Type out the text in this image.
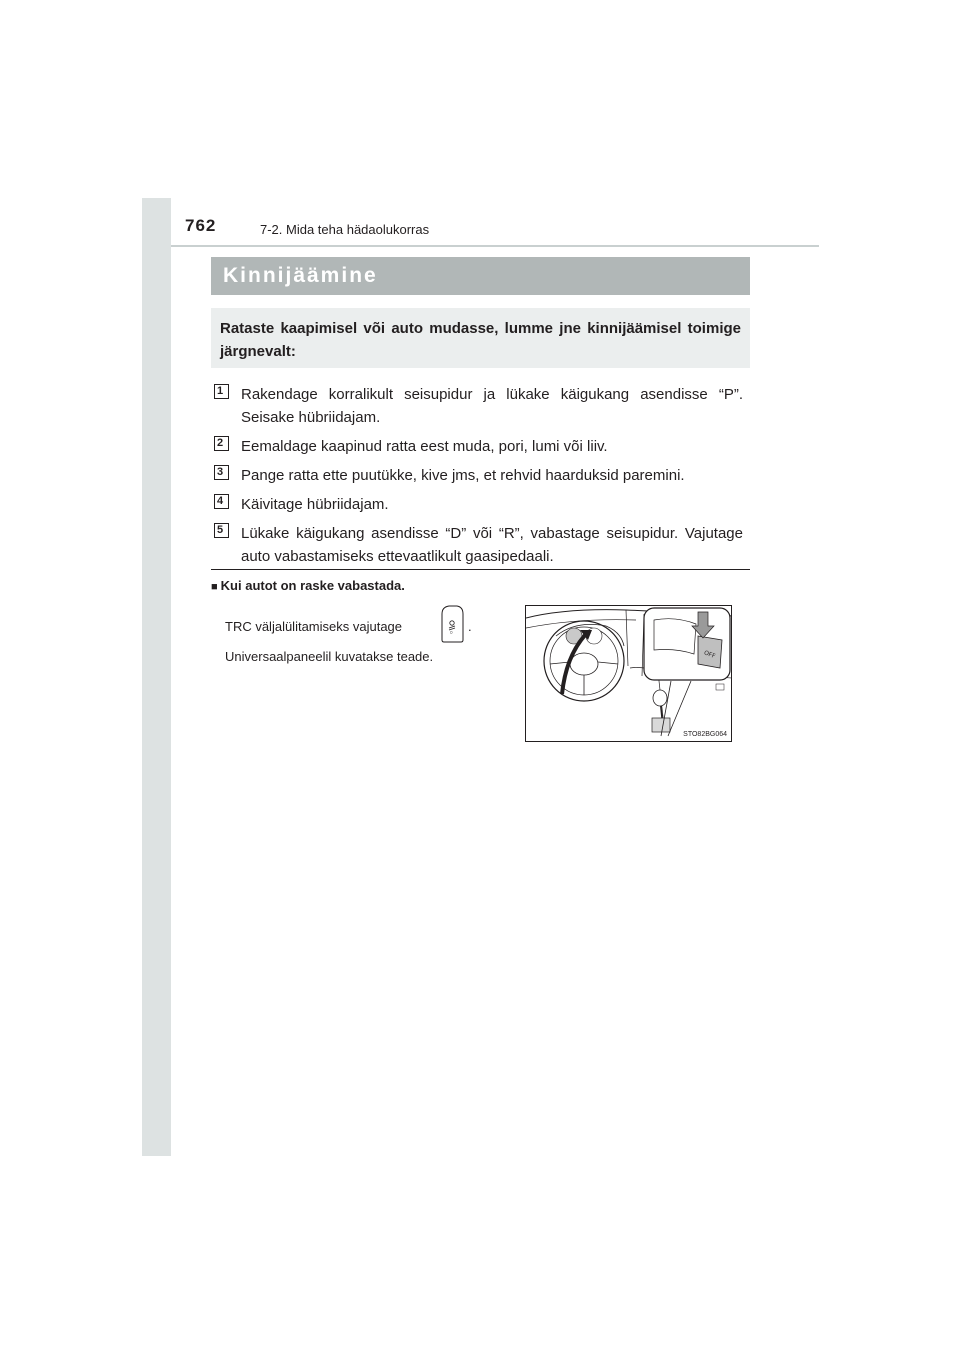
762	7-2. Mida teha hädaolukorras
Kinnijäämine
Rataste kaapimisel või auto mudasse, lumme jne kinnijäämisel toimige järgnevalt:
1	Rakendage korralikult seisupidur ja lükake käigukang asendisse “P”. Seisake hübriidajam.
2	Eemaldage kaapinud ratta eest muda, pori, lumi või liiv.
3	Pange ratta ette puutükke, kive jms, et rehvid haarduksid paremini.
4	Käivitage hübriidajam.
5	Lükake käigukang asendisse “D” või “R”, vabastage seisupidur. Vajutage auto vabastamiseks ettevaatlikult gaasipedaali.
■ Kui autot on raske vabastada.
TRC väljalülitamiseks vajutage	O .
Universaalpaneelil kuvatakse teade.	OFF
STO82BG064
